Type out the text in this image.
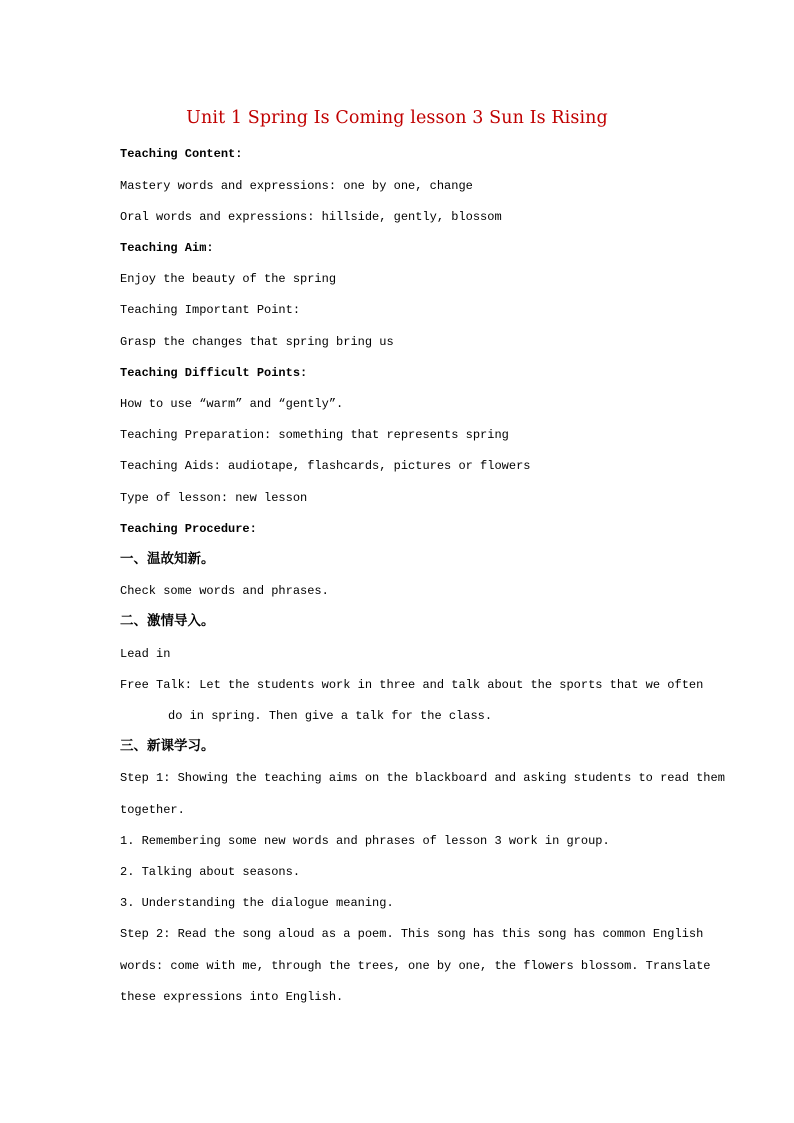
Unit 1 Spring Is Coming lesson 3 Sun Is Rising
Teaching Content:
Mastery words and expressions: one by one, change
Oral words and expressions: hillside, gently, blossom
Teaching Aim:
Enjoy the beauty of the spring
Teaching Important Point:
Grasp the changes that spring bring us
Teaching Difficult Points:
How to use “warm” and “gently”.
Teaching Preparation: something that represents spring
Teaching Aids: audiotape, flashcards, pictures or flowers
Type of lesson: new lesson
Teaching Procedure:
一、温故知新。
Check some words and phrases.
二、激情导入。
Lead in
Free Talk: Let the students work in three and talk about the sports that we often
do in spring. Then give a talk for the class.
三、新课学习。
Step 1: Showing the teaching aims on the blackboard and asking students to read them
together.
1. Remembering some new words and phrases of lesson 3 work in group.
2. Talking about seasons.
3. Understanding the dialogue meaning.
Step 2: Read the song aloud as a poem. This song has this song has common English
words: come with me, through the trees, one by one, the flowers blossom. Translate
these expressions into English.
